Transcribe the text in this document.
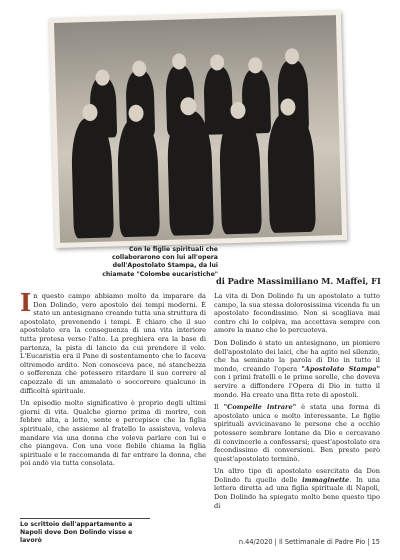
Con le figlie spirituali che collaborarono con lui all'opera dell'Apostolato Stampa, da lui chiamate "Colombe eucaristiche"
di Padre Massimiliano M. Maffei, FI

In questo campo abbiamo molto da imparare da Don Dolindo, vero apostolo dei tempi moderni. È stato un antesignano creando tutta una struttura di apostolato, prevenendo i tempi. È chiaro che il suo apostolato era la conseguenza di una vita interiore tutta protesa verso l'alto. La preghiera era la base di partenza, la pista di lancio da cui prendere il volo. L'Eucaristia era il Pane di sostentamento che lo faceva oltremodo ardito. Non conosceva pace, né stanchezza o sofferenza che potessero ritardare il suo correre al capezzale di un ammalato o soccorrere qualcuno in difficoltà spirituale.

Un episodio molto significativo è proprio degli ultimi giorni di vita. Qualche giorno prima di morire, con febbre alta, a letto, sente e percepisce che la figlia spirituale, che assieme al fratello lo assisteva, voleva mandare via una donna che voleva parlare con lui e che piangeva. Con una voce flebile chiama la figlia spirituale e le raccomanda di far entrare la donna, che poi andò via tutta consolata.

La vita di Don Dolindo fu un apostolato a tutto campo, la sua stessa dolorosissima vicenda fu un apostolato fecondissimo. Non si scagliava mai contro chi lo colpiva, ma accettava sempre con amore la mano che lo percuoteva.

Don Dolindo è stato un antesignano, un pioniere dell'apostolato dei laici, che ha agito nel silenzio, che ha seminato la parola di Dio in tutto il mondo, creando l'opera "Apostolato Stampa" con i primi fratelli e le prime sorelle, che doveva servire a diffondere l'Opera di Dio in tutto il mondo. Ha creato una fitta rete di apostoli.

Il "Compelle intrare" è stata una forma di apostolato unica e molto interessante. Le figlie spirituali avvicinavano le persone che a occhio potessero sembrare lontane da Dio e cercavano di convincerle a confessarsi; quest'apostolato era fecondissimo di conversioni. Ben presto però quest'apostolato terminò.

Un altro tipo di apostolato esercitato da Don Dolindo fu quello delle immaginette. In una lettera diretta ad una figlia spirituale di Napoli, Don Dolindo ha spiegato molto bene questo tipo di

Lo scrittoio dell'appartamento a Napoli dove Don Dolindo visse e lavorò	n.44/2020 | Il Settimanale di Padre Pio | 15
